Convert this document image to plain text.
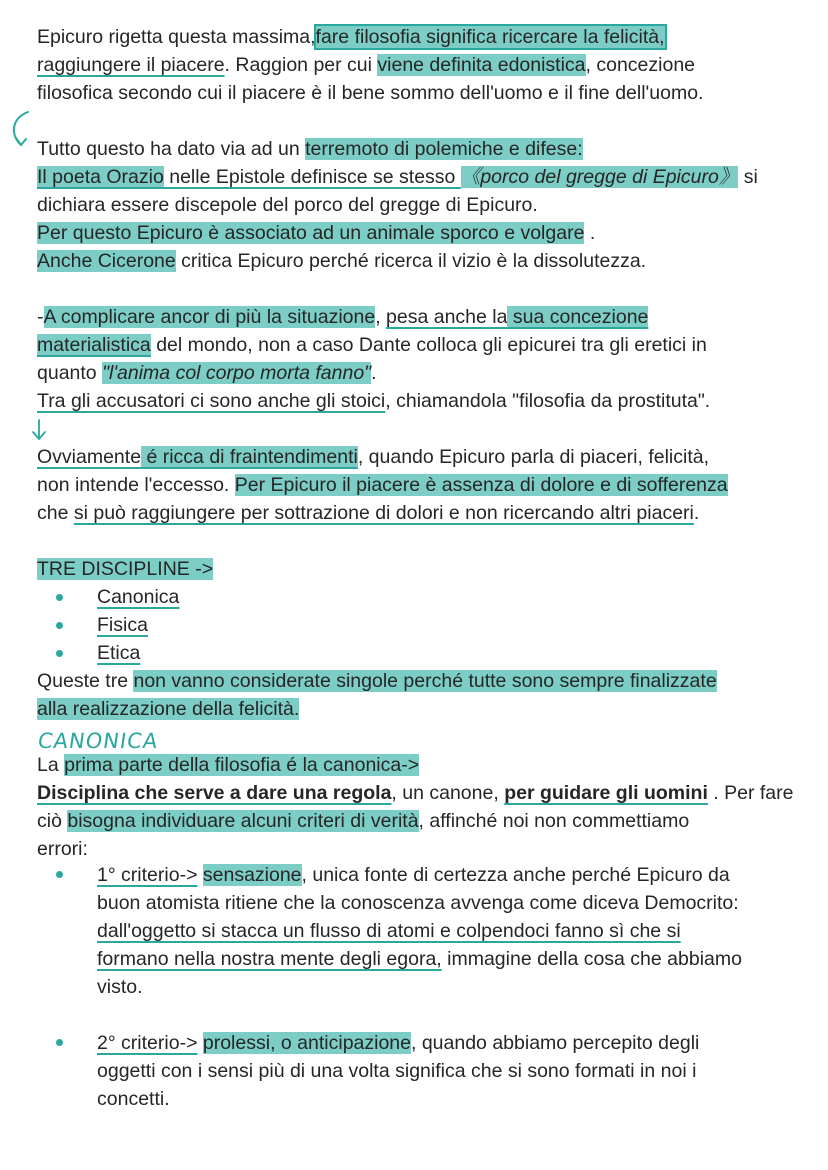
Epicuro rigetta questa massima,fare filosofia significa ricercare la felicità,
raggiungere il piacere. Raggion per cui viene definita edonistica, concezione
filosofica secondo cui il piacere è il bene sommo dell'uomo e il fine dell'uomo.
Tutto questo ha dato via ad un terremoto di polemiche e difese:
Il poeta Orazio nelle Epistole definisce se stesso 《porco del gregge di Epicuro》 si
dichiara essere discepole del porco del gregge di Epicuro.
Per questo Epicuro è associato ad un animale sporco e volgare .
Anche Cicerone critica Epicuro perché ricerca il vizio è la dissolutezza.
-A complicare ancor di più la situazione, pesa anche la sua concezione
materialistica del mondo, non a caso Dante colloca gli epicurei tra gli eretici in
quanto "l'anima col corpo morta fanno".
Tra gli accusatori ci sono anche gli stoici, chiamandola "filosofia da prostituta".
Ovviamente é ricca di fraintendimenti, quando Epicuro parla di piaceri, felicità,
non intende l'eccesso. Per Epicuro il piacere è assenza di dolore e di sofferenza
che si può raggiungere per sottrazione di dolori e non ricercando altri piaceri.
TRE DISCIPLINE ->
Canonica
Fisica
Etica
Queste tre non vanno considerate singole perché tutte sono sempre finalizzate
alla realizzazione della felicità.
CANONICA
La prima parte della filosofia é la canonica->
Disciplina che serve a dare una regola, un canone, per guidare gli uomini . Per fare
ciò bisogna individuare alcuni criteri di verità, affinché noi non commettiamo
errori:
1° criterio-> sensazione, unica fonte di certezza anche perché Epicuro da
buon atomista ritiene che la conoscenza avvenga come diceva Democrito:
dall'oggetto si stacca un flusso di atomi e colpendoci fanno sì che si
formano nella nostra mente degli egora, immagine della cosa che abbiamo
visto.
2° criterio-> prolessi, o anticipazione, quando abbiamo percepito degli
oggetti con i sensi più di una volta significa che si sono formati in noi i
concetti.
